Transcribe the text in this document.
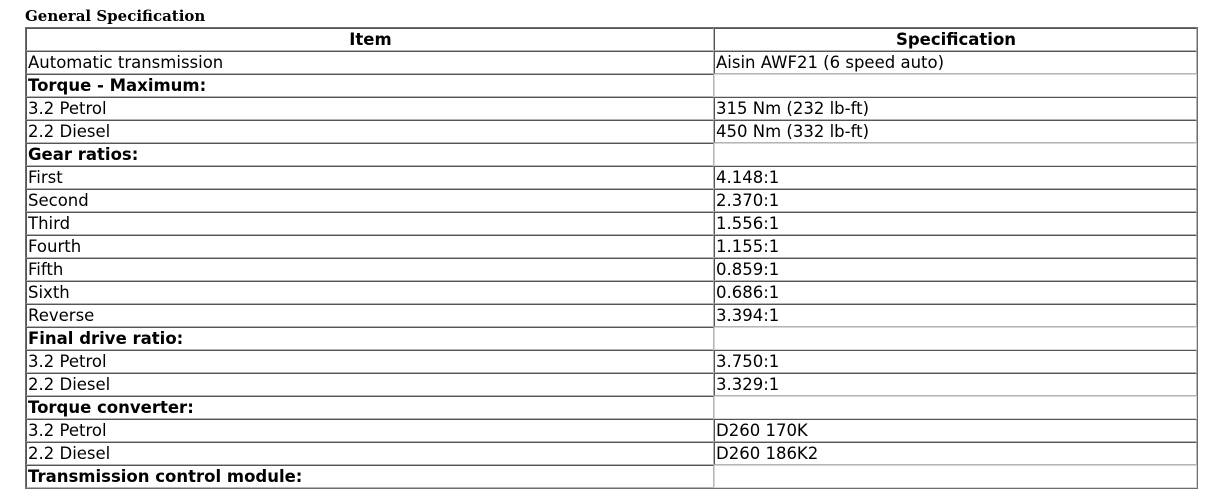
General Specification
Item	Specification
Automatic transmission	Aisin AWF21 (6 speed auto)
Torque - Maximum:	
3.2 Petrol	315 Nm (232 lb-ft)
2.2 Diesel	450 Nm (332 lb-ft)
Gear ratios:	
First	4.148:1
Second	2.370:1
Third	1.556:1
Fourth	1.155:1
Fifth	0.859:1
Sixth	0.686:1
Reverse	3.394:1
Final drive ratio:	
3.2 Petrol	3.750:1
2.2 Diesel	3.329:1
Torque converter:	
3.2 Petrol	D260 170K
2.2 Diesel	D260 186K2
Transmission control module:	
